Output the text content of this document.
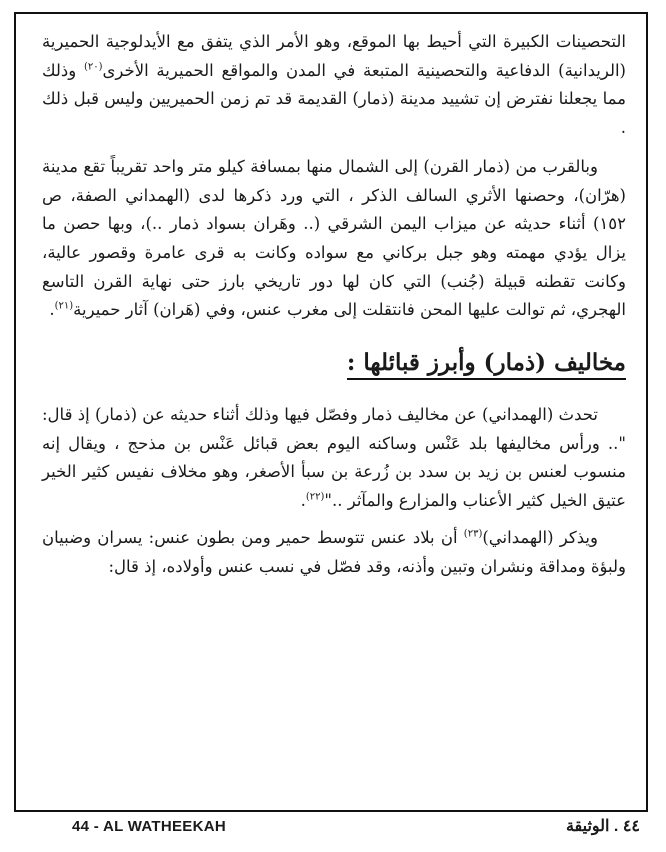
التحصينات الكبيرة التي أحيط بها الموقع، وهو الأمر الذي يتفق مع الأيدلوجية الحميرية (الريدانية) الدفاعية والتحصينية المتبعة في المدن والمواقع الحميرية الأخرى$^{(٢٠)}$ وذلك مما يجعلنا نفترض إن تشييد مدينة (ذمار) القديمة قد تم زمن الحميريين وليس قبل ذلك .

وبالقرب من (ذمار القرن) إلى الشمال منها بمسافة كيلو متر واحد تقريباً تقع مدينة (هرّان)، وحصنها الأثري السالف الذكر ، التي ورد ذكرها لدى (الهمداني الصفة، ص ١٥٢) أثناء حديثه عن ميزاب اليمن الشرقي (.. وهَران بسواد ذمار ..)، وبها حصن ما يزال يؤدي مهمته وهو جبل بركاني مع سواده وكانت به قرى عامرة وقصور عالية، وكانت تقطنه قبيلة (جُنب) التي كان لها دور تاريخي بارز حتى نهاية القرن التاسع الهجري، ثم توالت عليها المحن فانتقلت إلى مغرب عنس، وفي (هَران) آثار حميرية$^{(٢١)}$.

مخاليف (ذمار) وأبرز قبائلها :

تحدث (الهمداني) عن مخاليف ذمار وفصّل فيها وذلك أثناء حديثه عن (ذمار) إذ قال: ".. ورأس مخاليفها بلد عَنْس وساكنه اليوم بعض قبائل عَنْس بن مذحج ، ويقال إنه منسوب لعنس بن زيد بن سدد بن زُرعة بن سبأ الأصغر، وهو مخلاف نفيس كثير الخير عتيق الخيل كثير الأعناب والمزارع والمآثر .."$^{(٢٢)}$.

ويذكر (الهمداني)$^{(٢٣)}$ أن بلاد عنس تتوسط حمير ومن بطون عنس: يسران وضبيان ولبؤة ومداقة ونشران وتبين وأذنه، وقد فصّل في نسب عنس وأولاده، إذ قال:

44 - AL WATHEEKAH	٤٤ . الوثيقة
